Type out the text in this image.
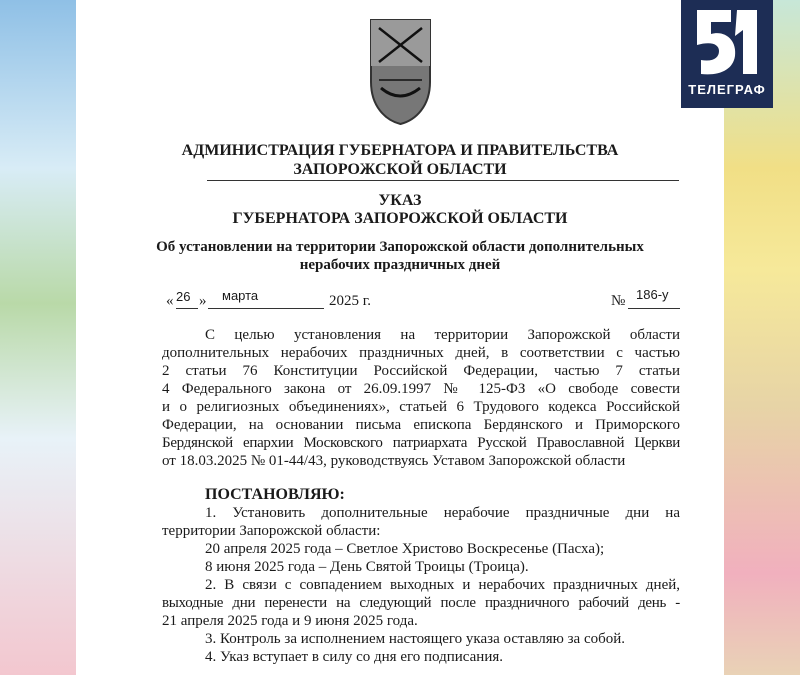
ТЕЛЕГРАФ
АДМИНИСТРАЦИЯ ГУБЕРНАТОРА И ПРАВИТЕЛЬСТВА
ЗАПОРОЖСКОЙ ОБЛАСТИ
УКАЗ
ГУБЕРНАТОРА ЗАПОРОЖСКОЙ ОБЛАСТИ
Об установлении на территории Запорожской области дополнительных
нерабочих праздничных дней
« 26 » марта	2025 г.	№ 186-у
С целью установления на территории Запорожской области
дополнительных нерабочих праздничных дней, в соответствии с частью
2 статьи 76 Конституции Российской Федерации, частью 7 статьи
4 Федерального закона от 26.09.1997 № 125-ФЗ «О свободе совести
и о религиозных объединениях», статьей 6 Трудового кодекса Российской
Федерации, на основании письма епископа Бердянского и Приморского
Бердянской епархии Московского патриархата Русской Православной Церкви
от 18.03.2025 № 01-44/43, руководствуясь Уставом Запорожской области
ПОСТАНОВЛЯЮ:
1. Установить дополнительные нерабочие праздничные дни на
территории Запорожской области:
20 апреля 2025 года – Светлое Христово Воскресенье (Пасха);
8 июня 2025 года – День Святой Троицы (Троица).
2. В связи с совпадением выходных и нерабочих праздничных дней,
выходные дни перенести на следующий после праздничного рабочий день -
21 апреля 2025 года и 9 июня 2025 года.
3. Контроль за исполнением настоящего указа оставляю за собой.
4. Указ вступает в силу со дня его подписания.
